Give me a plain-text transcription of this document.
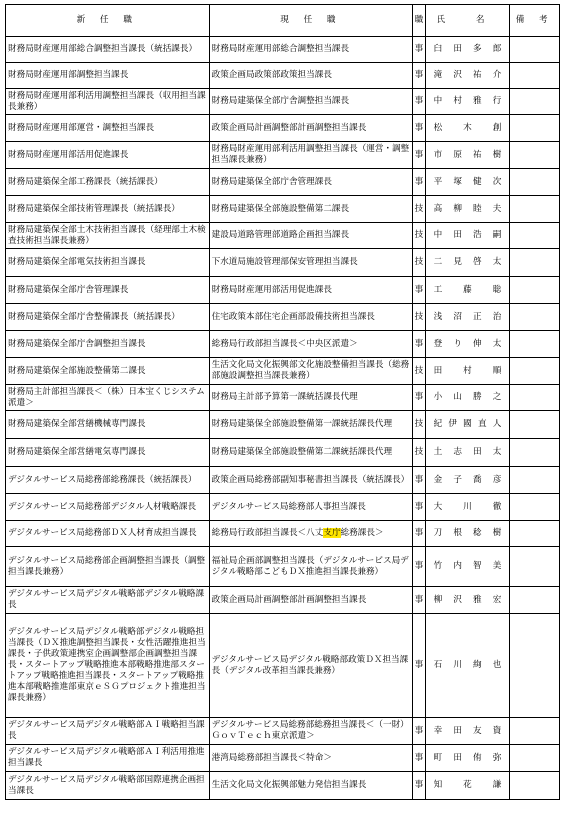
新 任 職	現 任 職	職	氏 名	備 考
財務局財産運用部総合調整担当課長（統括課長）	財務局財産運用部総合調整担当課長	事	臼田多郎	
財務局財産運用部調整担当課長	政策企画局政策部政策担当課長	事	滝沢祐介	
財務局財産運用部利活用調整担当課長（収用担当課長兼務）	財務局建築保全部庁舎調整担当課長	事	中村雅行	
財務局財産運用部運営・調整担当課長	政策企画局計画調整部計画調整担当課長	事	松木創	
財務局財産運用部活用促進課長	財務局財産運用部利活用調整担当課長（運営・調整担当課長兼務）	事	市原祐樹	
財務局建築保全部工務課長（統括課長）	財務局建築保全部庁舎管理課長	事	平塚健次	
財務局建築保全部技術管理課長（統括課長）	財務局建築保全部施設整備第二課長	技	高柳睦夫	
財務局建築保全部土木技術担当課長（経理部土木検査技術担当課長兼務）	建設局道路管理部道路企画担当課長	技	中田浩嗣	
財務局建築保全部電気技術担当課長	下水道局施設管理部保安管理担当課長	技	二見啓太	
財務局建築保全部庁舎管理課長	財務局財産運用部活用促進課長	事	工藤聡	
財務局建築保全部庁舎整備課長（統括課長）	住宅政策本部住宅企画部設備技術担当課長	技	浅沼正治	
財務局建築保全部庁舎調整担当課長	総務局行政部担当課長＜中央区派遣＞	事	登り伸太	
財務局建築保全部施設整備第二課長	生活文化局文化振興部文化施設整備担当課長（総務部施設調整担当課長兼務）	技	田村順	
財務局主計部担当課長＜（株）日本宝くじシステム派遣＞	財務局主計部予算第一課統括課長代理	事	小山勝之	
財務局建築保全部営繕機械専門課長	財務局建築保全部施設整備第一課統括課長代理	技	紀伊國直人	
財務局建築保全部営繕電気専門課長	財務局建築保全部施設整備第二課統括課長代理	技	土志田太	
デジタルサービス局総務部総務課長（統括課長）	政策企画局総務部副知事秘書担当課長（統括課長）	事	金子喬彦	
デジタルサービス局総務部デジタル人材戦略課長	デジタルサービス局総務部人事担当課長	事	大川徹	
デジタルサービス局総務部ＤＸ人材育成担当課長	総務局行政部担当課長＜八丈支庁総務課長＞	事	刀根稔樹	
デジタルサービス局総務部企画調整担当課長（調整担当課長兼務）	福祉局企画部調整担当課長（デジタルサービス局デジタル戦略部こどもＤＸ推進担当課長兼務）	事	竹内智美	
デジタルサービス局デジタル戦略部デジタル戦略課長	政策企画局計画調整部計画調整担当課長	事	柳沢雅宏	
デジタルサービス局デジタル戦略部デジタル戦略担当課長（ＤＸ推進調整担当課長・女性活躍推進担当課長・子供政策連携室企画調整部企画調整担当課長・スタートアップ戦略推進本部戦略推進部スタートアップ戦略推進担当課長・スタートアップ戦略推進本部戦略推進部東京ｅＳＧプロジェクト推進担当課長兼務）	デジタルサービス局デジタル戦略部政策ＤＸ担当課長（デジタル改革担当課長兼務）	事	石川絢也	
デジタルサービス局デジタル戦略部ＡＩ戦略担当課長	デジタルサービス局総務部総務担当課長＜（一財）ＧｏｖＴｅｃｈ東京派遣＞	事	幸田友資	
デジタルサービス局デジタル戦略部ＡＩ利活用推進担当課長	港湾局総務部担当課長＜特命＞	事	町田侑弥	
デジタルサービス局デジタル戦略部国際連携企画担当課長	生活文化局文化振興部魅力発信担当課長	事	知花謙	
